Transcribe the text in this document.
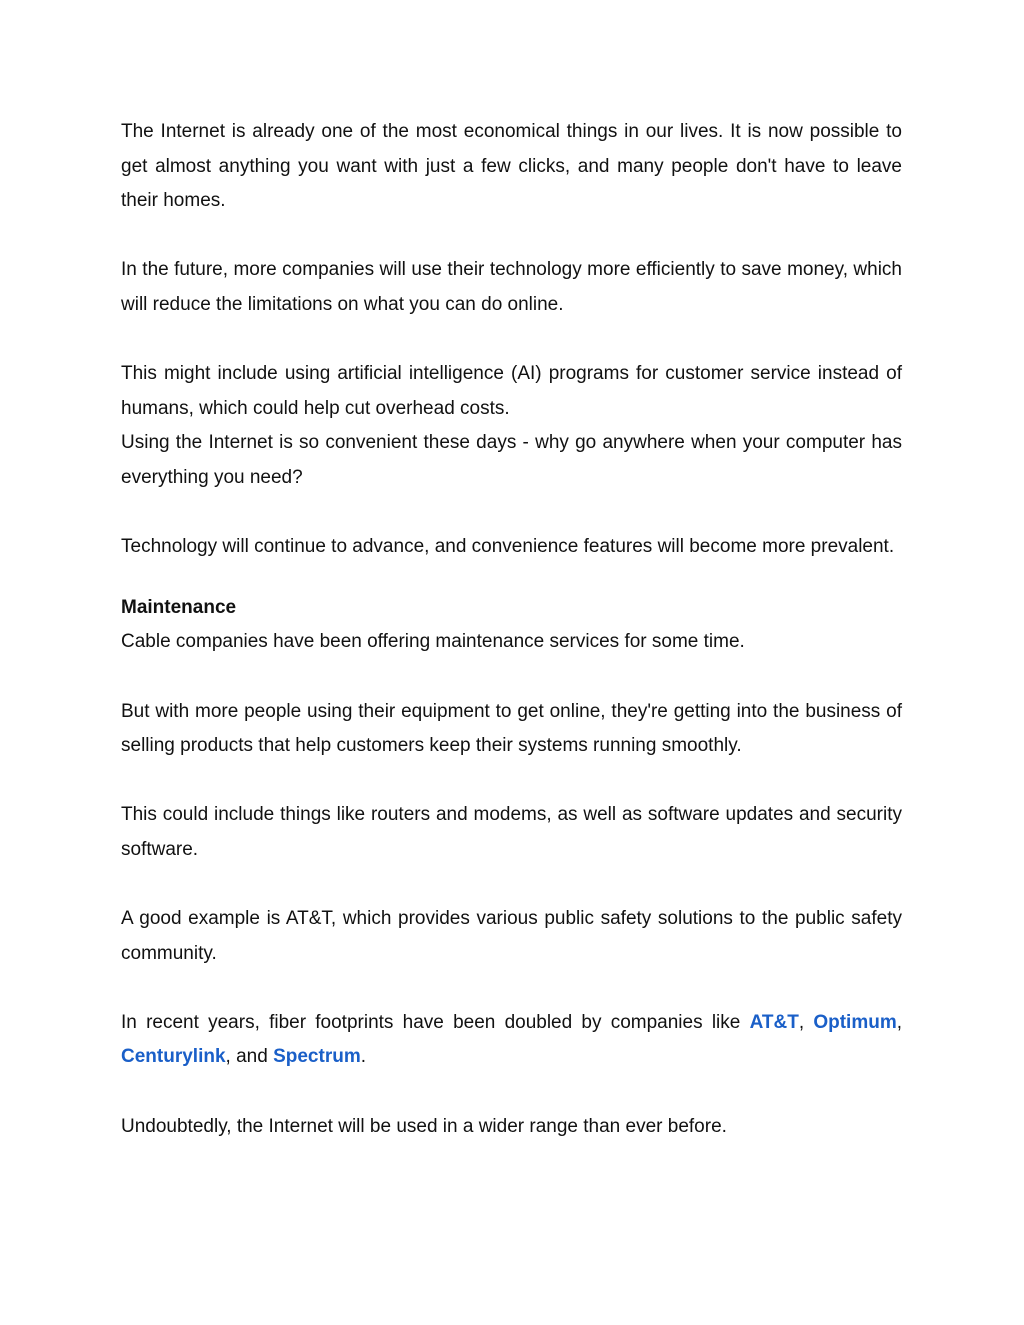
The Internet is already one of the most economical things in our lives. It is now possible to get almost anything you want with just a few clicks, and many people don't have to leave their homes.

In the future, more companies will use their technology more efficiently to save money, which will reduce the limitations on what you can do online.

This might include using artificial intelligence (AI) programs for customer service instead of humans, which could help cut overhead costs.

Using the Internet is so convenient these days - why go anywhere when your computer has everything you need?

Technology will continue to advance, and convenience features will become more prevalent.

Maintenance

Cable companies have been offering maintenance services for some time.

But with more people using their equipment to get online, they're getting into the business of selling products that help customers keep their systems running smoothly.

This could include things like routers and modems, as well as software updates and security software.

A good example is AT&T, which provides various public safety solutions to the public safety community.

In recent years, fiber footprints have been doubled by companies like AT&T, Optimum, Centurylink, and Spectrum.

Undoubtedly, the Internet will be used in a wider range than ever before.
